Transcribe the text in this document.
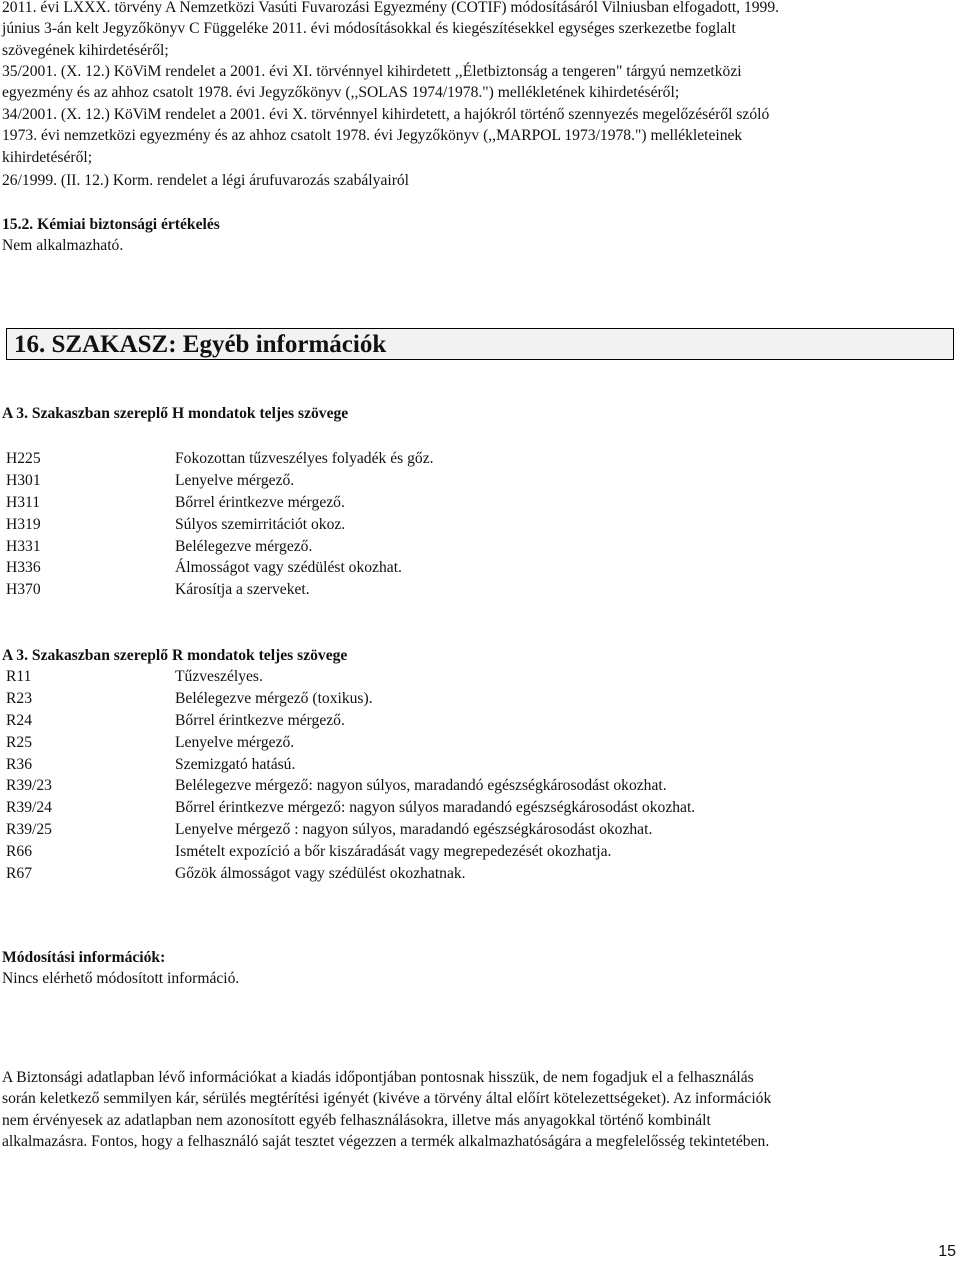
2011. évi LXXX. törvény A Nemzetközi Vasúti Fuvarozási Egyezmény (COTIF) módosításáról Vilniusban elfogadott, 1999.
június 3-án kelt Jegyzőkönyv C Függeléke 2011. évi módosításokkal és kiegészítésekkel egységes szerkezetbe foglalt
szövegének kihirdetéséről;
35/2001. (X. 12.) KöViM rendelet a 2001. évi XI. törvénnyel kihirdetett ,,Életbiztonság a tengeren" tárgyú nemzetközi
egyezmény és az ahhoz csatolt 1978. évi Jegyzőkönyv (,,SOLAS 1974/1978.") mellékletének kihirdetéséről;
34/2001. (X. 12.) KöViM rendelet a 2001. évi X. törvénnyel kihirdetett, a hajókról történő szennyezés megelőzéséről szóló
1973. évi nemzetközi egyezmény és az ahhoz csatolt 1978. évi Jegyzőkönyv (,,MARPOL 1973/1978.") mellékleteinek
kihirdetéséről;
26/1999. (II. 12.) Korm. rendelet a légi árufuvarozás szabályairól
15.2. Kémiai biztonsági értékelés
Nem alkalmazható.
16. SZAKASZ: Egyéb információk
A 3. Szakaszban szereplő H mondatok teljes szövege
H225	Fokozottan tűzveszélyes folyadék és gőz.
H301	Lenyelve mérgező.
H311	Bőrrel érintkezve mérgező.
H319	Súlyos szemirritációt okoz.
H331	Belélegezve mérgező.
H336	Álmosságot vagy szédülést okozhat.
H370	Károsítja a szerveket.
A 3. Szakaszban szereplő R mondatok teljes szövege
R11	Tűzveszélyes.
R23	Belélegezve mérgező (toxikus).
R24	Bőrrel érintkezve mérgező.
R25	Lenyelve mérgező.
R36	Szemizgató hatású.
R39/23	Belélegezve mérgező: nagyon súlyos, maradandó egészségkárosodást okozhat.
R39/24	Bőrrel érintkezve mérgező: nagyon súlyos maradandó egészségkárosodást okozhat.
R39/25	Lenyelve mérgező : nagyon súlyos, maradandó egészségkárosodást okozhat.
R66	Ismételt expozíció a bőr kiszáradását vagy megrepedezését okozhatja.
R67	Gőzök álmosságot vagy szédülést okozhatnak.
Módosítási információk:
Nincs elérhető módosított információ.
A Biztonsági adatlapban lévő információkat a kiadás időpontjában pontosnak hisszük, de nem fogadjuk el a felhasználás
során keletkező semmilyen kár, sérülés megtérítési igényét (kivéve a törvény által előírt kötelezettségeket). Az információk
nem érvényesek az adatlapban nem azonosított egyéb felhasználásokra, illetve más anyagokkal történő kombinált
alkalmazásra. Fontos, hogy a felhasználó saját tesztet végezzen a termék alkalmazhatóságára a megfelelősség tekintetében.
15
